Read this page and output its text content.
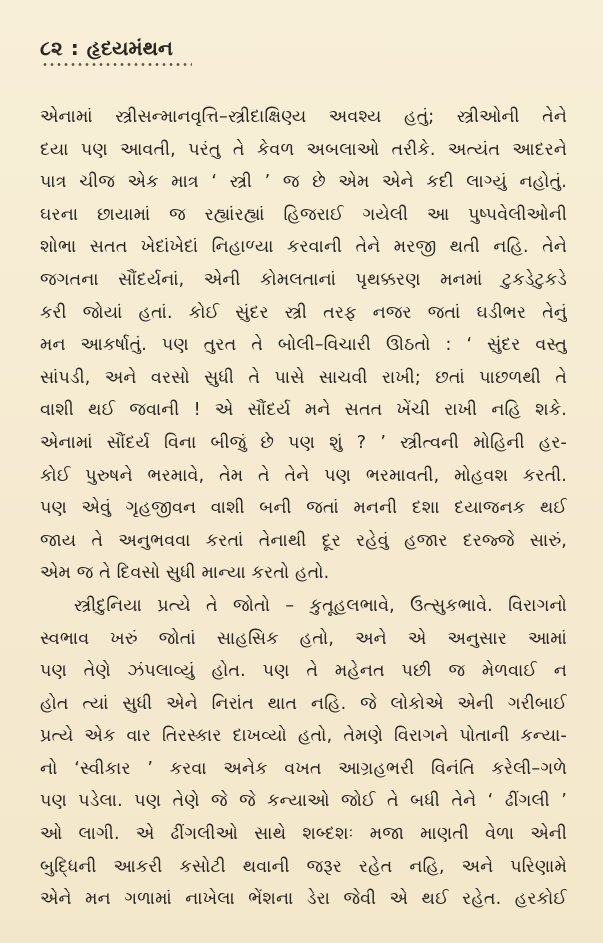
૮૨ : હૃદયમંથન

એનામાં સ્ત્રીસન્માનવૃત્તિ–સ્ત્રીદાક્ષિણ્ય અવશ્ય હતું; સ્ત્રીઓની તેને
દયા પણ આવતી, પરંતુ તે કેવળ અબલાઓ તરીકે. અત્યંત આદરને
પાત્ર ચીજ એક માત્ર ‘ સ્ત્રી ’ જ છે એમ એને કદી લાગ્યું નહોતું.
ઘરના છાયામાં જ રહ્યાંરહ્યાં હિજરાઈ ગયેલી આ પુષ્પવેલીઓની
શોભા સતત ખેદાંખેદાં નિહાળ્યા કરવાની તેને મરજી થતી નહિ. તેને
જગતના સૌંદર્યનાં, એની કોમલતાનાં પૃથક્કરણ મનમાં ટુકડેટુકડે
કરી જોયાં હતાં. કોઈ સુંદર સ્ત્રી તરફ નજર જતાં ઘડીભર તેનું
મન આકર્ષાતું. પણ તુરત તે બોલી–વિચારી ઊઠતો : ‘ સુંદર વસ્તુ
સાંપડી, અને વરસો સુધી તે પાસે સાચવી રાખી; છતાં પાછળથી તે
વાશી થઈ જવાની ! એ સૌંદર્ય મને સતત ખેંચી રાખી નહિ શકે.
એનામાં સૌંદર્ય વિના બીજું છે પણ શું ? ’ સ્ત્રીત્વની મોહિની હર-
કોઈ પુરુષને ભરમાવે, તેમ તે તેને પણ ભરમાવતી, મોહવશ કરતી.
પણ એવું ગૃહજીવન વાશી બની જતાં મનની દશા દયાજનક થઈ
જાય તે અનુભવવા કરતાં તેનાથી દૂર રહેવું હજાર દરજ્જે સારું,
એમ જ તે દિવસો સુધી માન્યા કરતો હતો.

સ્ત્રીદુનિયા પ્રત્યે તે જોતો – કુતૂહલભાવે, ઉત્સુકભાવે. વિરાગનો
સ્વભાવ ખરું જોતાં સાહસિક હતો, અને એ અનુસાર આમાં
પણ તેણે ઝંપલાવ્યું હોત. પણ તે મહેનત પછી જ મેળવાઈ ન
હોત ત્યાં સુધી એને નિરાંત થાત નહિ. જે લોકોએ એની ગરીબાઈ
પ્રત્યે એક વાર તિરસ્કાર દાખવ્યો હતો, તેમણે વિરાગને પોતાની કન્યા-
નો ‘સ્વીકાર ’ કરવા અનેક વખત આગ્રહભરી વિનંતિ કરેલી–ગળે
પણ પડેલા. પણ તેણે જે જે કન્યાઓ જોઈ તે બધી તેને ‘ ઢીંગલી ’
ઓ લાગી. એ ઢીંગલીઓ સાથે શબ્દશઃ મજા માણતી વેળા એની
બુદ્ધિની આકરી કસોટી થવાની જરૂર રહેત નહિ, અને પરિણામે
એને મન ગળામાં નાખેલા ભેંશના ડેરા જેવી એ થઈ રહેત. હરકોઈ
